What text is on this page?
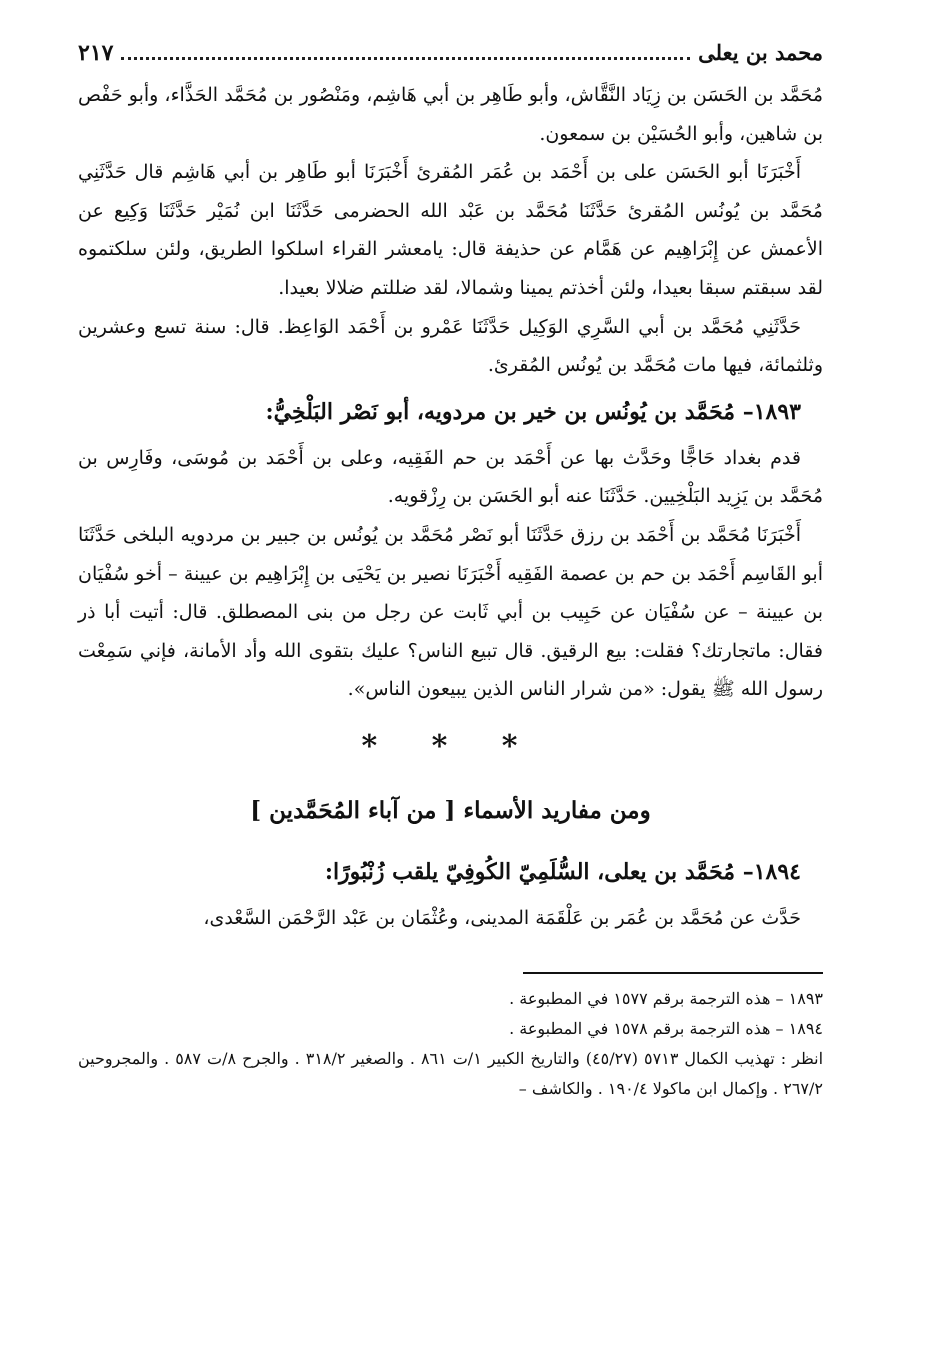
محمد بن يعلى
٢١٧

مُحَمَّد بن الحَسَن بن زِيَاد النَّقَّاش، وأبو طَاهِر بن أبي هَاشِم، ومَنْصُور بن مُحَمَّد الحَذَّاء، وأبو حَفْص بن شاهين، وأبو الحُسَيْن بن سمعون.

أَخْبَرَنَا أبو الحَسَن على بن أَحْمَد بن عُمَر المُقرئ أَخْبَرَنَا أبو طَاهِر بن أبي هَاشِم قال حَدَّثَنِي مُحَمَّد بن يُونُس المُقرئ حَدَّثَنَا مُحَمَّد بن عَبْد الله الحضرمى حَدَّثَنَا ابن نُمَيْر حَدَّثَنَا وَكِيع عن الأعمش عن إِبْرَاهِيم عن هَمَّام عن حذيفة قال: يامعشر القراء اسلكوا الطريق، ولئن سلكتموه لقد سبقتم سبقا بعيدا، ولئن أخذتم يمينا وشمالا، لقد ضللتم ضلالا بعيدا.

حَدَّثَنِي مُحَمَّد بن أبي السَّرِي الوَكِيل حَدَّثَنَا عَمْرو بن أَحْمَد الوَاعِظ. قال: سنة تسع وعشرين وثلثمائة، فيها مات مُحَمَّد بن يُونُس المُقرئ.

١٨٩٣– مُحَمَّد بن يُونُس بن خير بن مردويه، أبو نَصْر البَلْخِيُّ:

قدم بغداد حَاجًّا وحَدَّث بها عن أَحْمَد بن حم الفَقِيه، وعلى بن أَحْمَد بن مُوسَى، وفَارِس بن مُحَمَّد بن يَزِيد البَلْخِيين. حَدَّثَنَا عنه أبو الحَسَن بن رِزْقويه.

أَخْبَرَنَا مُحَمَّد بن أَحْمَد بن رزق حَدَّثَنَا أبو نَصْر مُحَمَّد بن يُونُس بن جبير بن مردويه البلخى حَدَّثَنَا أبو القَاسِم أَحْمَد بن حم بن عصمة الفَقِيه أَخْبَرَنَا نصير بن يَحْيَى بن إِبْرَاهِيم بن عيينة – أخو سُفْيَان بن عيينة – عن سُفْيَان عن حَبِيب بن أبي ثَابت عن رجل من بنى المصطلق. قال: أتيت أبا ذر فقال: ماتجارتك؟ فقلت: بيع الرقيق. قال تبيع الناس؟ عليك بتقوى الله وأد الأمانة، فإني سَمِعْت رسول الله ﷺ يقول: «من شرار الناس الذين يبيعون الناس».

* * *
ومن مفاريد الأسماء [ من آباء المُحَمَّدين ]
١٨٩٤– مُحَمَّد بن يعلى، السُّلَمِيّ الكُوفِيّ يلقب زُنْبُورًا:

حَدَّث عن مُحَمَّد بن عُمَر بن عَلْقَمَة المدينى، وعُثْمَان بن عَبْد الرَّحْمَن السَّعْدى،

١٨٩٣ – هذه الترجمة برقم ١٥٧٧ في المطبوعة .

١٨٩٤ – هذه الترجمة برقم ١٥٧٨ في المطبوعة .

انظر : تهذيب الكمال ٥٧١٣ (٤٥/٢٧) والتاريخ الكبير ١/ت ٨٦١ . والصغير ٣١٨/٢ . والجرح ٨/ت ٥٨٧ . والمجروحين ٢٦٧/٢ . وإكمال ابن ماكولا ١٩٠/٤ . والكاشف –
